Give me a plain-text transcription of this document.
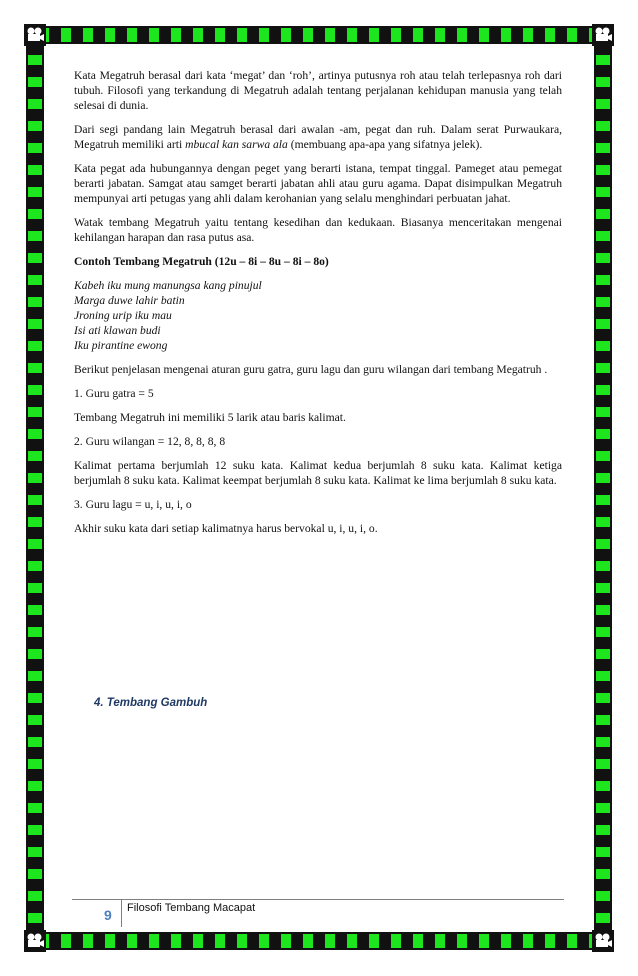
Kata Megatruh berasal dari kata ‘megat’ dan ‘roh’, artinya putusnya roh atau telah terlepasnya roh dari tubuh. Filosofi yang terkandung di Megatruh adalah tentang perjalanan kehidupan manusia yang telah selesai di dunia.

Dari segi pandang lain Megatruh berasal dari awalan -am, pegat dan ruh. Dalam serat Purwaukara, Megatruh memiliki arti mbucal kan sarwa ala (membuang apa-apa yang sifatnya jelek).

Kata pegat ada hubungannya dengan peget yang berarti istana, tempat tinggal. Pameget atau pemegat berarti jabatan. Samgat atau samget berarti jabatan ahli atau guru agama. Dapat disimpulkan Megatruh mempunyai arti petugas yang ahli dalam kerohanian yang selalu menghindari perbuatan jahat.

Watak tembang Megatruh yaitu tentang kesedihan dan kedukaan. Biasanya menceritakan mengenai kehilangan harapan dan rasa putus asa.

Contoh Tembang Megatruh (12u – 8i – 8u – 8i – 8o)

Kabeh iku mung manungsa kang pinujul
Marga duwe lahir batin
Jroning urip iku mau
Isi ati klawan budi
Iku pirantine ewong

Berikut penjelasan mengenai aturan guru gatra, guru lagu dan guru wilangan dari tembang Megatruh .

1. Guru gatra = 5

Tembang Megatruh ini memiliki 5 larik atau baris kalimat.

2. Guru wilangan = 12, 8, 8, 8, 8

Kalimat pertama berjumlah 12 suku kata. Kalimat kedua berjumlah 8 suku kata. Kalimat ketiga berjumlah 8 suku kata. Kalimat keempat berjumlah 8 suku kata. Kalimat ke lima berjumlah 8 suku kata.

3. Guru lagu = u, i, u, i, o

Akhir suku kata dari setiap kalimatnya harus bervokal u, i, u, i, o.

4. Tembang Gambuh
9 Filosofi Tembang Macapat
